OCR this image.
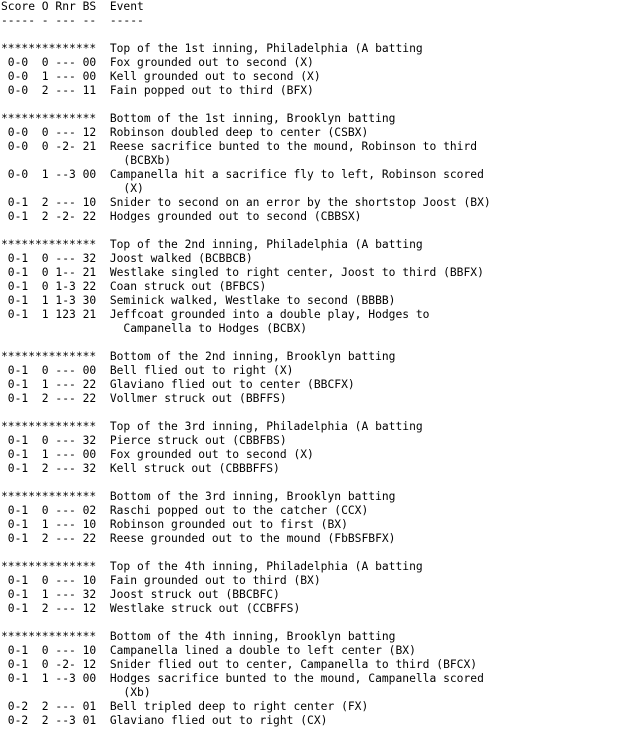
Score O Rnr BS  Event
----- - --- --  -----

**************  Top of the 1st inning, Philadelphia (A batting
0-0  0 --- 00  Fox grounded out to second (X)
0-0  1 --- 00  Kell grounded out to second (X)
0-0  2 --- 11  Fain popped out to third (BFX)

**************  Bottom of the 1st inning, Brooklyn batting
0-0  0 --- 12  Robinson doubled deep to center (CSBX)
0-0  0 -2- 21  Reese sacrifice bunted to the mound, Robinson to third
(BCBXb)
0-0  1 --3 00  Campanella hit a sacrifice fly to left, Robinson scored
(X)
0-1  2 --- 10  Snider to second on an error by the shortstop Joost (BX)
0-1  2 -2- 22  Hodges grounded out to second (CBBSX)

**************  Top of the 2nd inning, Philadelphia (A batting
0-1  0 --- 32  Joost walked (BCBBCB)
0-1  0 1-- 21  Westlake singled to right center, Joost to third (BBFX)
0-1  0 1-3 22  Coan struck out (BFBCS)
0-1  1 1-3 30  Seminick walked, Westlake to second (BBBB)
0-1  1 123 21  Jeffcoat grounded into a double play, Hodges to
Campanella to Hodges (BCBX)

**************  Bottom of the 2nd inning, Brooklyn batting
0-1  0 --- 00  Bell flied out to right (X)
0-1  1 --- 22  Glaviano flied out to center (BBCFX)
0-1  2 --- 22  Vollmer struck out (BBFFS)

**************  Top of the 3rd inning, Philadelphia (A batting
0-1  0 --- 32  Pierce struck out (CBBFBS)
0-1  1 --- 00  Fox grounded out to second (X)
0-1  2 --- 32  Kell struck out (CBBBFFS)

**************  Bottom of the 3rd inning, Brooklyn batting
0-1  0 --- 02  Raschi popped out to the catcher (CCX)
0-1  1 --- 10  Robinson grounded out to first (BX)
0-1  2 --- 22  Reese grounded out to the mound (FbBSFBFX)

**************  Top of the 4th inning, Philadelphia (A batting
0-1  0 --- 10  Fain grounded out to third (BX)
0-1  1 --- 32  Joost struck out (BBCBFC)
0-1  2 --- 12  Westlake struck out (CCBFFS)

**************  Bottom of the 4th inning, Brooklyn batting
0-1  0 --- 10  Campanella lined a double to left center (BX)
0-1  0 -2- 12  Snider flied out to center, Campanella to third (BFCX)
0-1  1 --3 00  Hodges sacrifice bunted to the mound, Campanella scored
(Xb)
0-2  2 --- 01  Bell tripled deep to right center (FX)
0-2  2 --3 01  Glaviano flied out to right (CX)
